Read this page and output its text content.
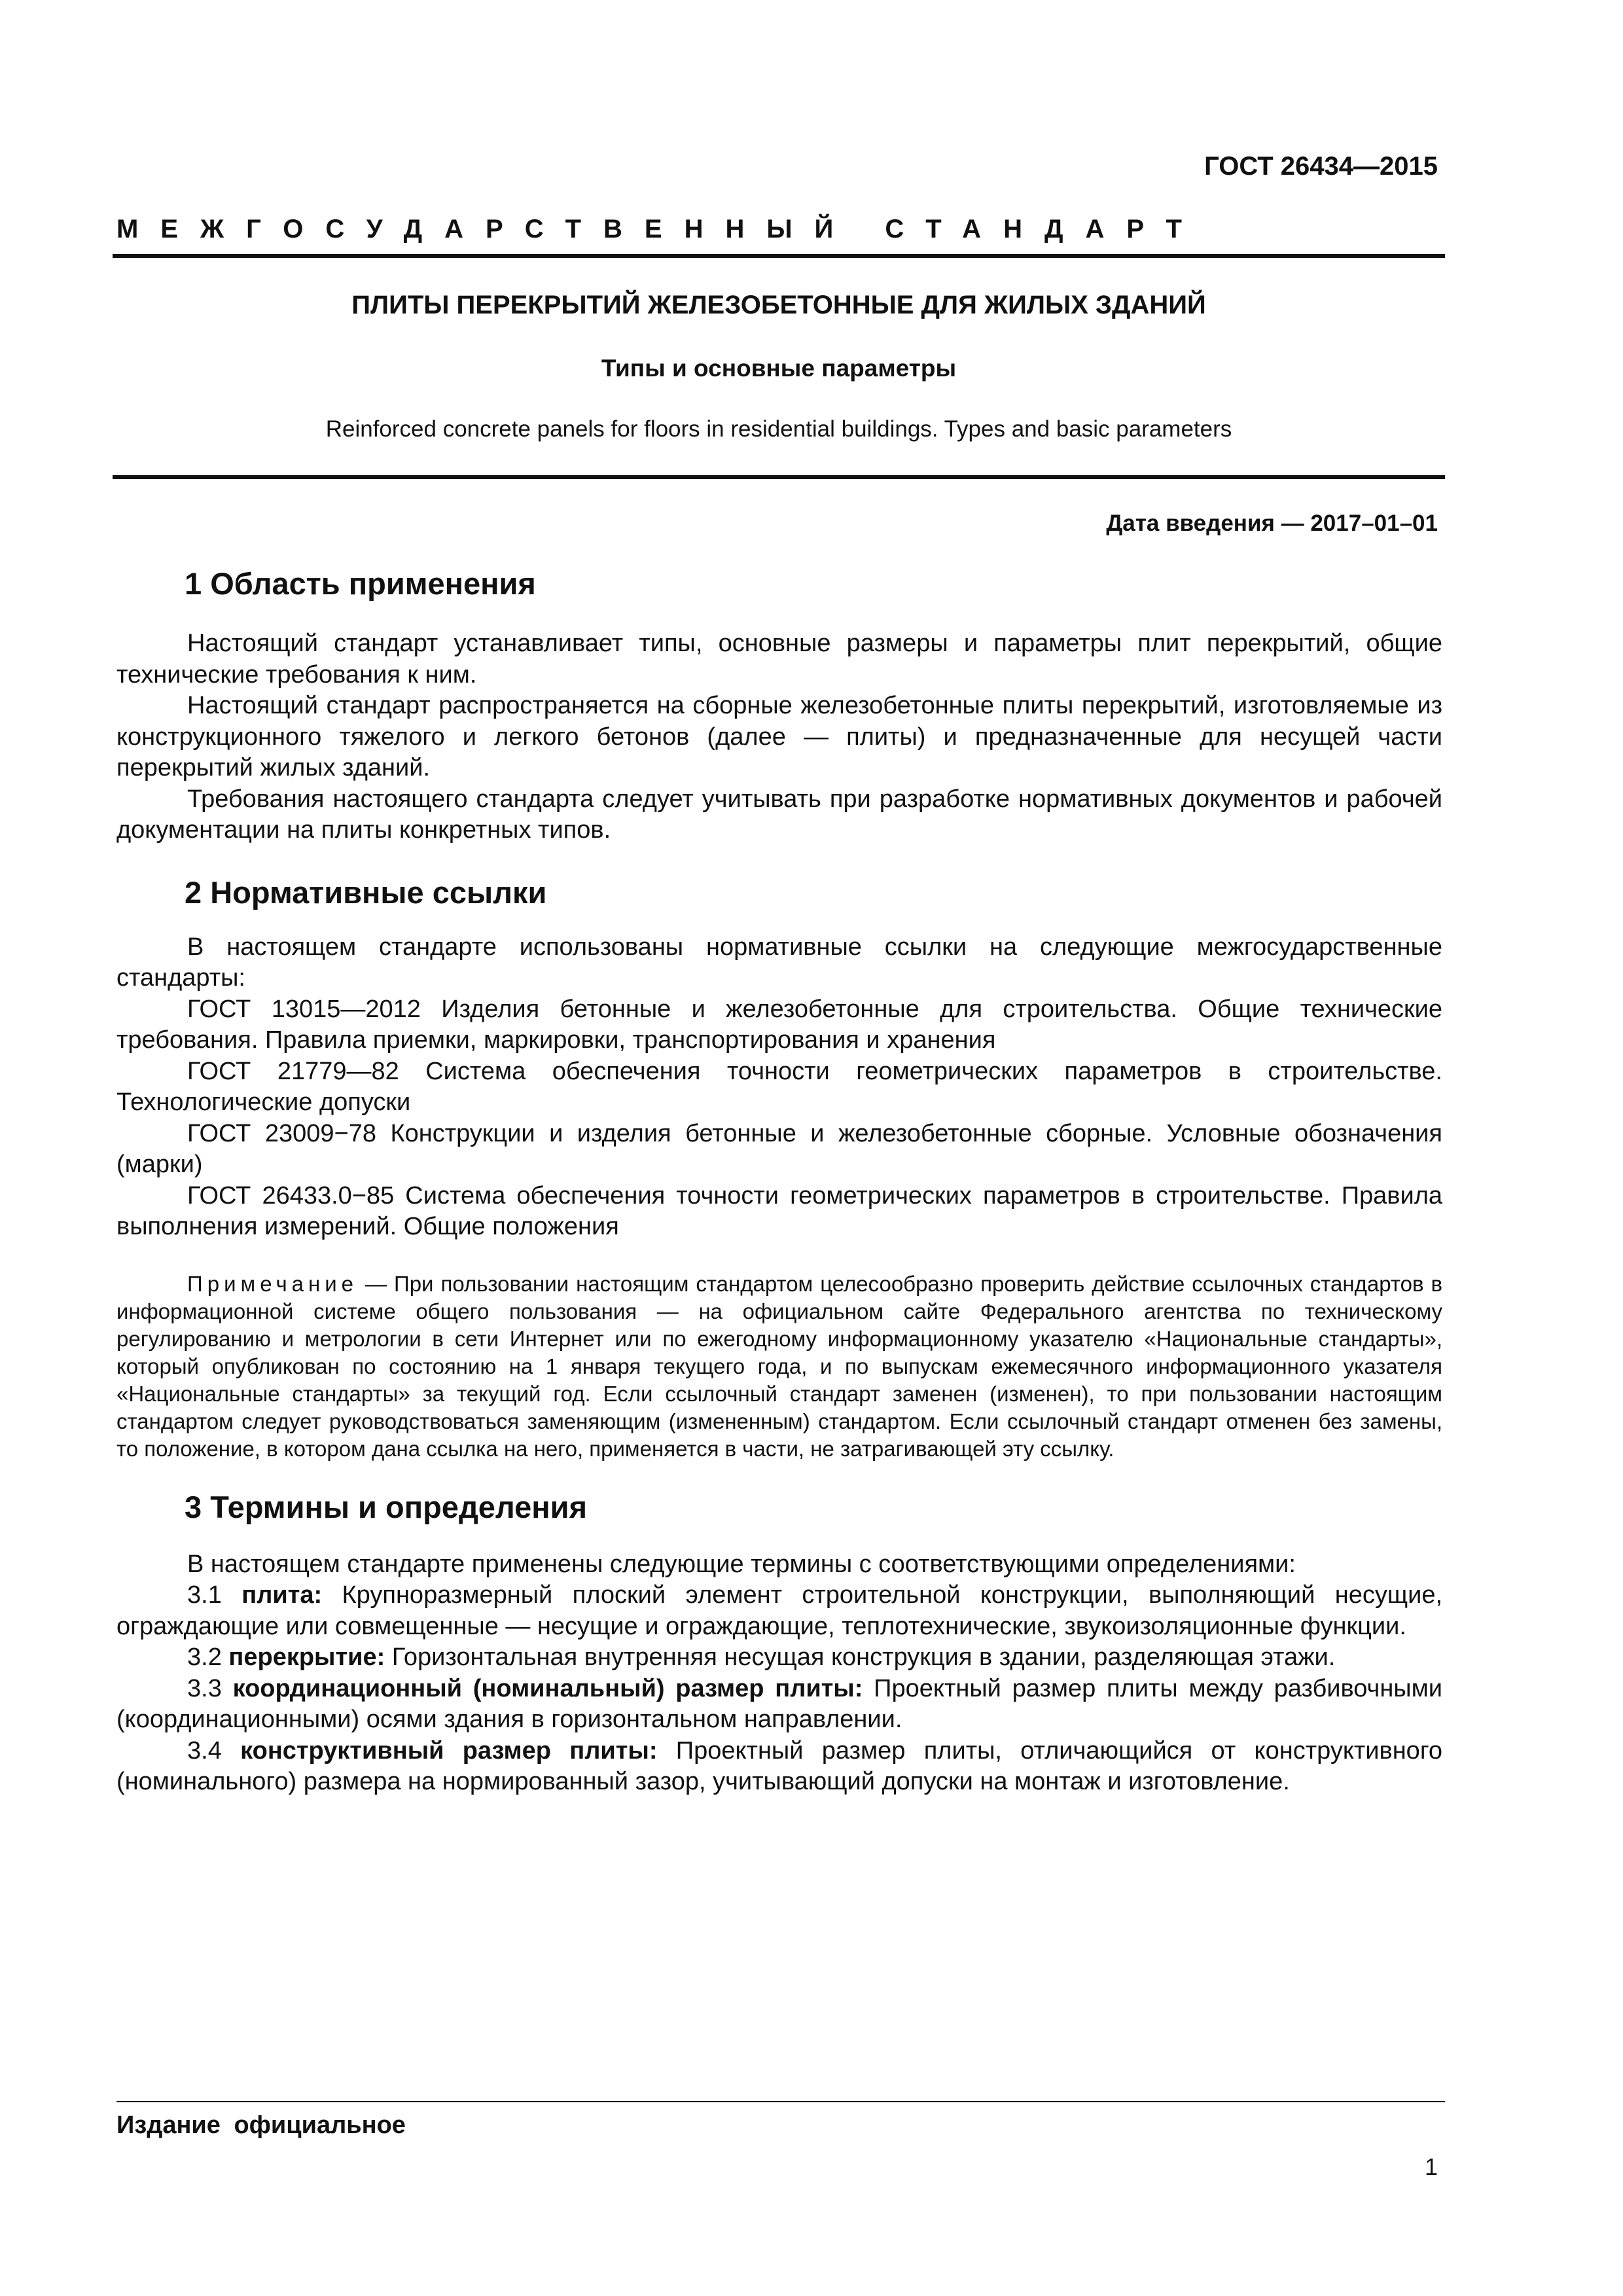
ГОСТ 26434—2015
МЕЖГОСУДАРСТВЕННЫЙ СТАНДАРТ
ПЛИТЫ ПЕРЕКРЫТИЙ ЖЕЛЕЗОБЕТОННЫЕ ДЛЯ ЖИЛЫХ ЗДАНИЙ
Типы и основные параметры
Reinforced concrete panels for floors in residential buildings. Types and basic parameters
Дата введения — 2017–01–01
1 Область применения

Настоящий стандарт устанавливает типы, основные размеры и параметры плит перекрытий, общие технические требования к ним.

Настоящий стандарт распространяется на сборные железобетонные плиты перекрытий, изготовляемые из конструкционного тяжелого и легкого бетонов (далее — плиты) и предназначенные для несущей части перекрытий жилых зданий.

Требования настоящего стандарта следует учитывать при разработке нормативных документов и рабочей документации на плиты конкретных типов.

2 Нормативные ссылки

В настоящем стандарте использованы нормативные ссылки на следующие межгосударственные стандарты:

ГОСТ 13015—2012 Изделия бетонные и железобетонные для строительства. Общие технические требования. Правила приемки, маркировки, транспортирования и хранения

ГОСТ 21779—82 Система обеспечения точности геометрических параметров в строительстве. Технологические допуски

ГОСТ 23009−78 Конструкции и изделия бетонные и железобетонные сборные. Условные обозначения (марки)

ГОСТ 26433.0−85 Система обеспечения точности геометрических параметров в строительстве. Правила выполнения измерений. Общие положения

Примечание — При пользовании настоящим стандартом целесообразно проверить действие ссылочных стандартов в информационной системе общего пользования — на официальном сайте Федерального агентства по техническому регулированию и метрологии в сети Интернет или по ежегодному информационному указателю «Национальные стандарты», который опубликован по состоянию на 1 января текущего года, и по выпускам ежемесячного информационного указателя «Национальные стандарты» за текущий год. Если ссылочный стандарт заменен (изменен), то при пользовании настоящим стандартом следует руководствоваться заменяющим (измененным) стандартом. Если ссылочный стандарт отменен без замены, то положение, в котором дана ссылка на него, применяется в части, не затрагивающей эту ссылку.
3 Термины и определения

В настоящем стандарте применены следующие термины с соответствующими определениями:

3.1 плита: Крупноразмерный плоский элемент строительной конструкции, выполняющий несущие, ограждающие или совмещенные — несущие и ограждающие, теплотехнические, звукоизоляционные функции.

3.2 перекрытие: Горизонтальная внутренняя несущая конструкция в здании, разделяющая этажи.

3.3 координационный (номинальный) размер плиты: Проектный размер плиты между разбивочными (координационными) осями здания в горизонтальном направлении.

3.4 конструктивный размер плиты: Проектный размер плиты, отличающийся от конструктивного (номинального) размера на нормированный зазор, учитывающий допуски на монтаж и изготовление.

Издание официальное
1
